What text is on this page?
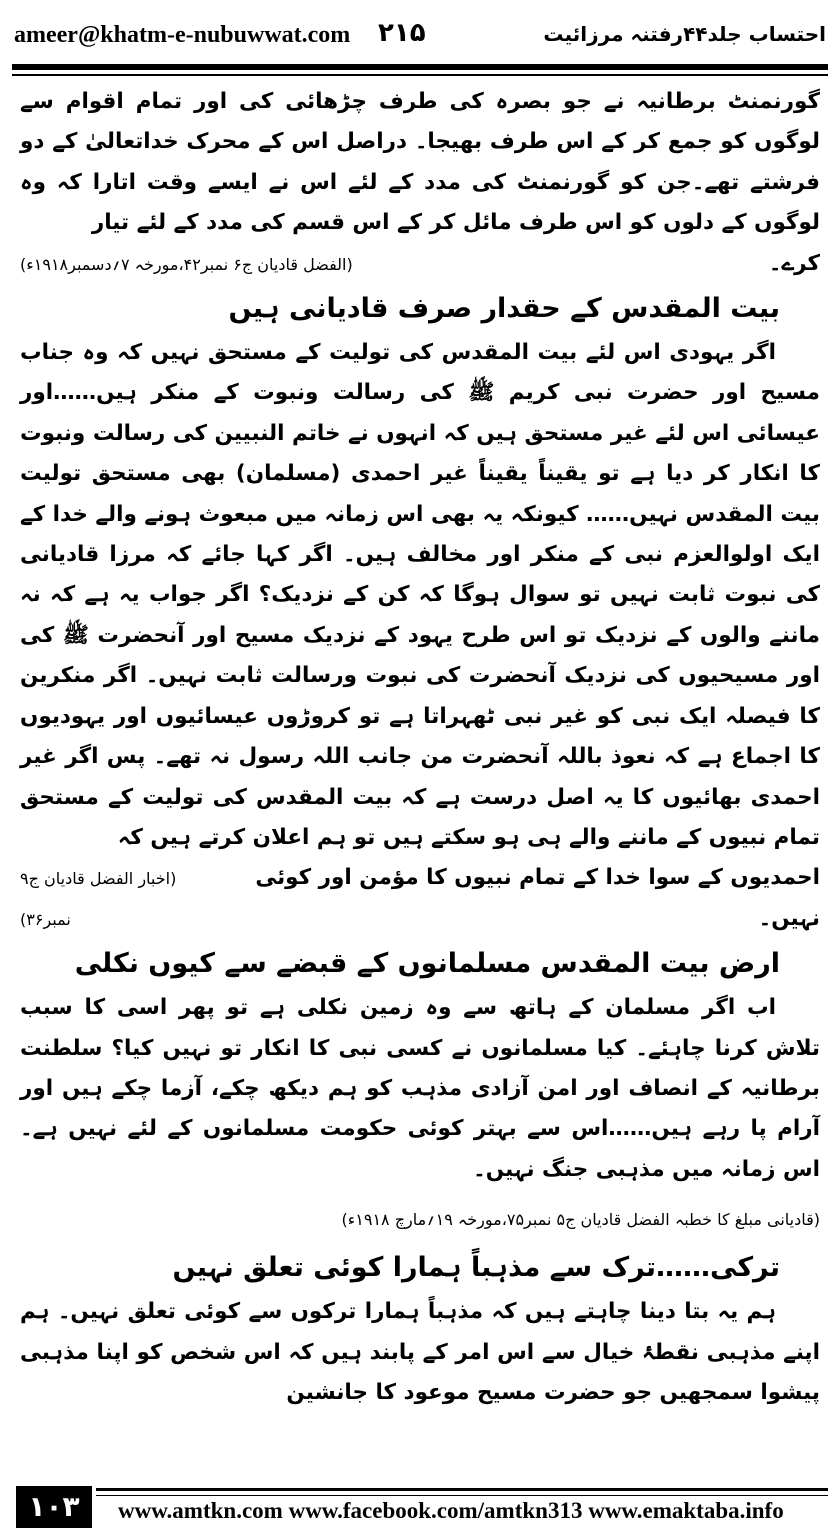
ameer@khatm-e-nubuwwat.com ۲۱۵	احتساب جلد۴۴رفتنہ مرزائیت

گورنمنٹ برطانیہ نے جو بصرہ کی طرف چڑھائی کی اور تمام اقوام سے لوگوں کو جمع کر کے اس طرف بھیجا۔ دراصل اس کے محرک خداتعالیٰ کے دو فرشتے تھے۔جن کو گورنمنٹ کی مدد کے لئے اس نے ایسے وقت اتارا کہ وہ لوگوں کے دلوں کو اس طرف مائل کر کے اس قسم کی مدد کے لئے تیار

کرے۔
(الفضل قادیان ج۶ نمبر۴۲،مورخہ ۷؍دسمبر۱۹۱۸ء)
بیت المقدس کے حقدار صرف قادیانی ہیں

اگر یہودی اس لئے بیت المقدس کی تولیت کے مستحق نہیں کہ وہ جناب مسیح اور حضرت نبی کریم ﷺ کی رسالت ونبوت کے منکر ہیں……اور عیسائی اس لئے غیر مستحق ہیں کہ انہوں نے خاتم النبیین کی رسالت ونبوت کا انکار کر دیا ہے تو یقیناً یقیناً غیر احمدی (مسلمان) بھی مستحق تولیت بیت المقدس نہیں…… کیونکہ یہ بھی اس زمانہ میں مبعوث ہونے والے خدا کے ایک اولوالعزم نبی کے منکر اور مخالف ہیں۔ اگر کہا جائے کہ مرزا قادیانی کی نبوت ثابت نہیں تو سوال ہوگا کہ کن کے نزدیک؟ اگر جواب یہ ہے کہ نہ ماننے والوں کے نزدیک تو اس طرح یہود کے نزدیک مسیح اور آنحضرت ﷺ کی اور مسیحیوں کی نزدیک آنحضرت کی نبوت ورسالت ثابت نہیں۔ اگر منکرین کا فیصلہ ایک نبی کو غیر نبی ٹھہراتا ہے تو کروڑوں عیسائیوں اور یہودیوں کا اجماع ہے کہ نعوذ باللہ آنحضرت من جانب اللہ رسول نہ تھے۔ پس اگر غیر احمدی بھائیوں کا یہ اصل درست ہے کہ بیت المقدس کی تولیت کے مستحق تمام نبیوں کے ماننے والے ہی ہو سکتے ہیں تو ہم اعلان کرتے ہیں کہ

احمدیوں کے سوا خدا کے تمام نبیوں کا مؤمن اور کوئی نہیں۔
(اخبار الفضل قادیان ج۹ نمبر۳۶)
ارض بیت المقدس مسلمانوں کے قبضے سے کیوں نکلی

اب اگر مسلمان کے ہاتھ سے وہ زمین نکلی ہے تو پھر اسی کا سبب تلاش کرنا چاہئے۔ کیا مسلمانوں نے کسی نبی کا انکار تو نہیں کیا؟ سلطنت برطانیہ کے انصاف اور امن آزادی مذہب کو ہم دیکھ چکے، آزما چکے ہیں اور آرام پا رہے ہیں……اس سے بہتر کوئی حکومت مسلمانوں کے لئے نہیں ہے۔ اس زمانہ میں مذہبی جنگ نہیں۔

(قادیانی مبلغ کا خطبہ الفضل قادیان ج۵ نمبر۷۵،مورخہ ۱۹؍مارچ ۱۹۱۸ء)

ترکی……ترک سے مذہباً ہمارا کوئی تعلق نہیں

ہم یہ بتا دینا چاہتے ہیں کہ مذہباً ہمارا ترکوں سے کوئی تعلق نہیں۔ ہم اپنے مذہبی نقطۂ خیال سے اس امر کے پابند ہیں کہ اس شخص کو اپنا مذہبی پیشوا سمجھیں جو حضرت مسیح موعود کا جانشین

۱۰۳	www.amtkn.com www.facebook.com/amtkn313 www.emaktaba.info
